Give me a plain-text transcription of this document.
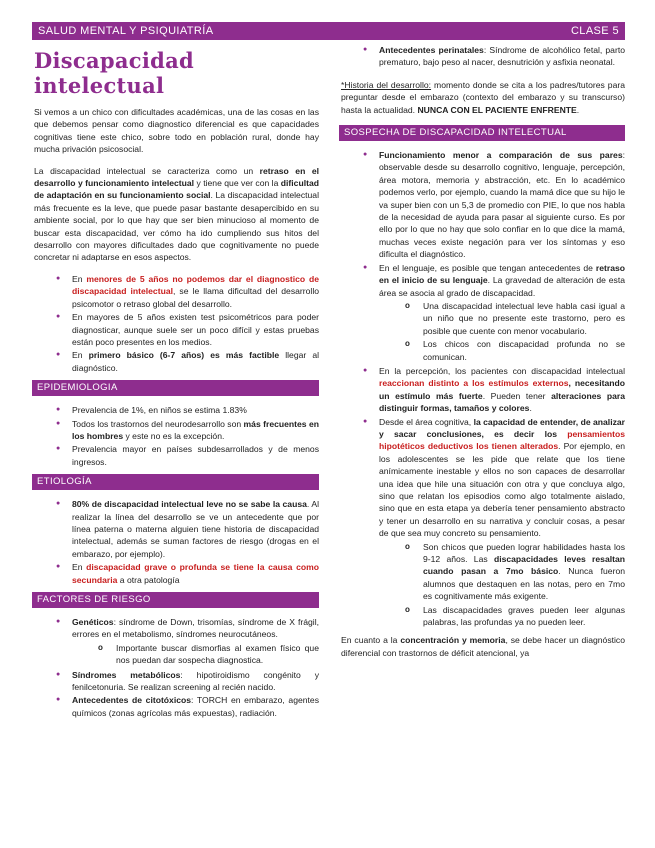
SALUD MENTAL Y PSIQUIATRÍA	CLASE 5
Discapacidad intelectual

Si vemos a un chico con dificultades académicas, una de las cosas en las que debemos pensar como diagnostico diferencial es que capacidades cognitivas tiene este chico, sobre todo en población rural, donde hay mucha privación psicosocial.

La discapacidad intelectual se caracteriza como un retraso en el desarrollo y funcionamiento intelectual y tiene que ver con la dificultad de adaptación en su funcionamiento social. La discapacidad intelectual más frecuente es la leve, que puede pasar bastante desapercibido en su ambiente social, por lo que hay que ser bien minucioso al momento de buscar esta discapacidad, ver cómo ha ido cumpliendo sus hitos del desarrollo con mayores dificultades dado que cognitivamente no puede concretar ni adaptarse en esos aspectos.

● En menores de 5 años no podemos dar el diagnostico de discapacidad intelectual, se le llama dificultad del desarrollo psicomotor o retraso global del desarrollo.
● En mayores de 5 años existen test psicométricos para poder diagnosticar, aunque suele ser un poco difícil y estas pruebas están poco presentes en los medios.
● En primero básico (6-7 años) es más factible llegar al diagnóstico.
EPIDEMIOLOGIA
● Prevalencia de 1%, en niños se estima 1.83%
● Todos los trastornos del neurodesarrollo son más frecuentes en los hombres y este no es la excepción.
● Prevalencia mayor en países subdesarrollados y de menos ingresos.
ETIOLOGÍA
● 80% de discapacidad intelectual leve no se sabe la causa. Al realizar la línea del desarrollo se ve un antecedente que por línea paterna o materna alguien tiene historia de discapacidad intelectual, además se suman factores de riesgo (drogas en el embarazo, por ejemplo).
● En discapacidad grave o profunda se tiene la causa como secundaria a otra patología
FACTORES DE RIESGO
● Genéticos: síndrome de Down, trisomías, síndrome de X frágil, errores en el metabolismo, síndromes neurocutáneos.
o Importante buscar dismorfias al examen físico que nos puedan dar sospecha diagnostica.
● Síndromes metabólicos: hipotiroidismo congénito y fenilcetonuria. Se realizan screening al recién nacido.
● Antecedentes de citotóxicos: TORCH en embarazo, agentes químicos (zonas agrícolas más expuestas), radiación.
● Antecedentes perinatales: Síndrome de alcohólico fetal, parto prematuro, bajo peso al nacer, desnutrición y asfixia neonatal.

*Historia del desarrollo: momento donde se cita a los padres/tutores para preguntar desde el embarazo (contexto del embarazo y su transcurso) hasta la actualidad. NUNCA CON EL PACIENTE ENFRENTE.

SOSPECHA DE DISCAPACIDAD INTELECTUAL
● Funcionamiento menor a comparación de sus pares: observable desde su desarrollo cognitivo, lenguaje, percepción, área motora, memoria y abstracción, etc. En lo académico podemos verlo, por ejemplo, cuando la mamá dice que su hijo le va super bien con un 5,3 de promedio con PIE, lo que nos habla de la necesidad de ayuda para pasar al siguiente curso. Es por ello por lo que no hay que solo confiar en lo que dice la mamá, muchas veces existe negación para ver los síntomas y eso dificulta el diagnóstico.
● En el lenguaje, es posible que tengan antecedentes de retraso en el inicio de su lenguaje. La gravedad de alteración de esta área se asocia al grado de discapacidad.
o Una discapacidad intelectual leve habla casi igual a un niño que no presente este trastorno, pero es posible que cuente con menor vocabulario.
o Los chicos con discapacidad profunda no se comunican.
● En la percepción, los pacientes con discapacidad intelectual reaccionan distinto a los estímulos externos, necesitando un estímulo más fuerte. Pueden tener alteraciones para distinguir formas, tamaños y colores.
● Desde el área cognitiva, la capacidad de entender, de analizar y sacar conclusiones, es decir los pensamientos hipotéticos deductivos los tienen alterados. Por ejemplo, en los adolescentes se les pide que relate que los tiene anímicamente inestable y ellos no son capaces de desarrollar una idea que hile una situación con otra y que concluya algo, sino que relatan los episodios como algo totalmente aislado, sino que en esta etapa ya debería tener pensamiento abstracto y tener un desarrollo en su narrativa y concluir cosas, a pesar de que sea muy concreto su pensamiento.
o Son chicos que pueden lograr habilidades hasta los 9-12 años. Las discapacidades leves resaltan cuando pasan a 7mo básico. Nunca fueron alumnos que destaquen en las notas, pero en 7mo es cognitivamente más exigente.
o Las discapacidades graves pueden leer algunas palabras, las profundas ya no pueden leer.

En cuanto a la concentración y memoria, se debe hacer un diagnóstico diferencial con trastornos de déficit atencional, ya
